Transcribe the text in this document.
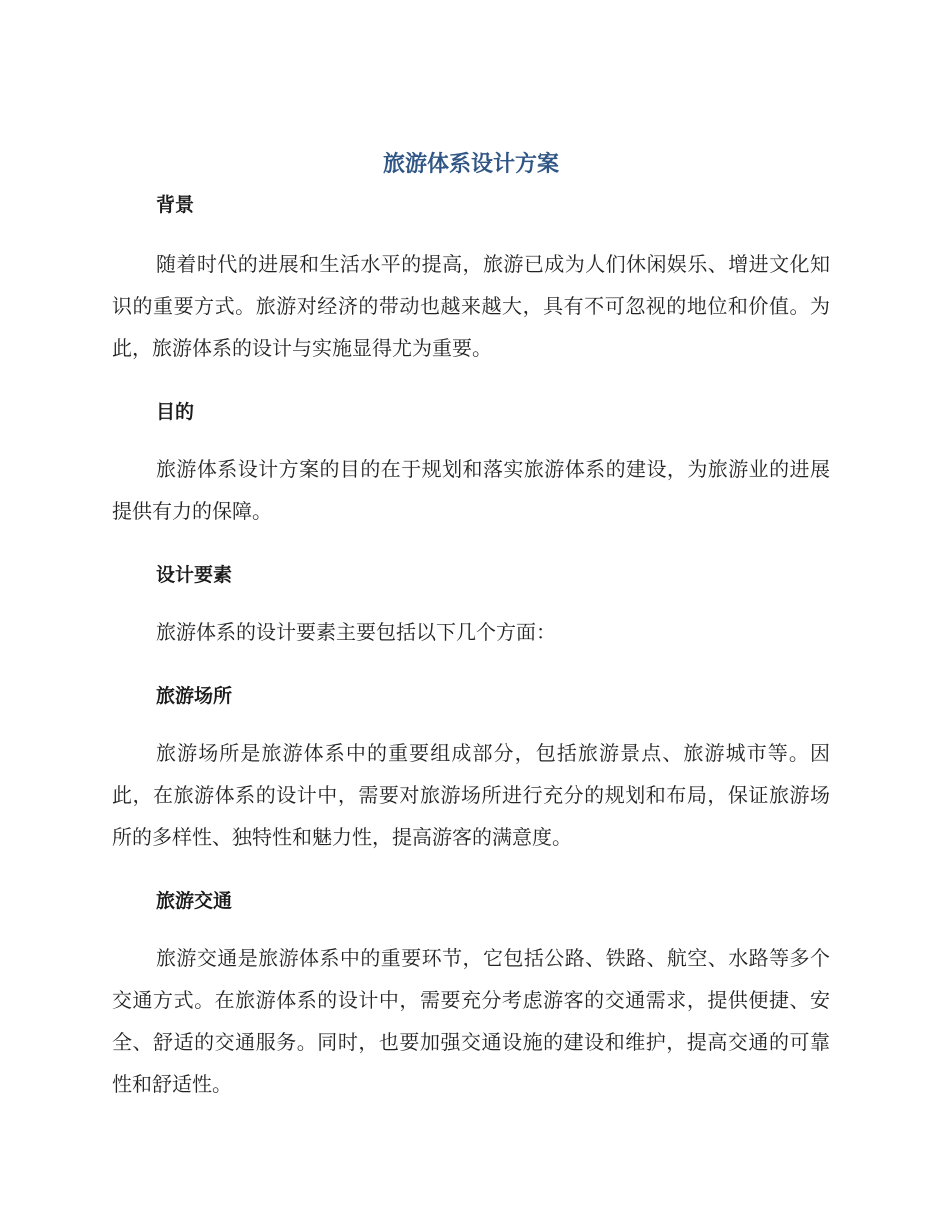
旅游体系设计方案
背景

随着时代的进展和生活水平的提高，旅游已成为人们休闲娱乐、增进文化知识的重要方式。旅游对经济的带动也越来越大，具有不可忽视的地位和价值。为此，旅游体系的设计与实施显得尤为重要。

目的

旅游体系设计方案的目的在于规划和落实旅游体系的建设，为旅游业的进展提供有力的保障。

设计要素

旅游体系的设计要素主要包括以下几个方面：

旅游场所

旅游场所是旅游体系中的重要组成部分，包括旅游景点、旅游城市等。因此，在旅游体系的设计中，需要对旅游场所进行充分的规划和布局，保证旅游场所的多样性、独特性和魅力性，提高游客的满意度。

旅游交通

旅游交通是旅游体系中的重要环节，它包括公路、铁路、航空、水路等多个交通方式。在旅游体系的设计中，需要充分考虑游客的交通需求，提供便捷、安全、舒适的交通服务。同时，也要加强交通设施的建设和维护，提高交通的可靠性和舒适性。
